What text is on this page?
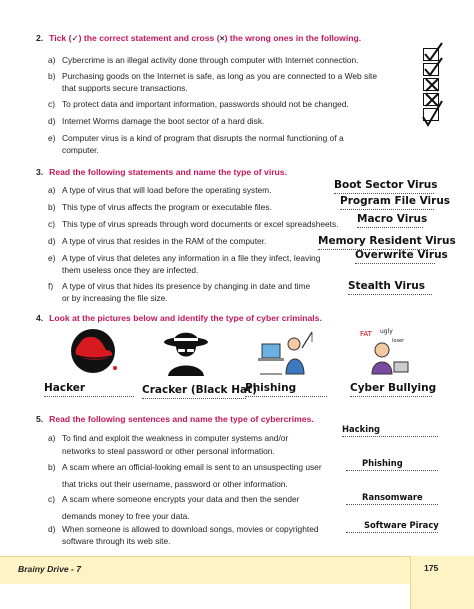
2. Tick (✓) the correct statement and cross (×) the wrong ones in the following.
a) Cybercrime is an illegal activity done through computer with Internet connection.
b) Purchasing goods on the Internet is safe, as long as you are connected to a Web site
that supports secure transactions.
c) To protect data and important information, passwords should not be changed.
d) Internet Worms damage the boot sector of a hard disk.
e) Computer virus is a kind of program that disrupts the normal functioning of a
computer.
3. Read the following statements and name the type of virus.
a) A type of virus that will load before the operating system.
b) This type of virus affects the program or executable files.
c) This type of virus spreads through word documents or excel spreadsheets.
d) A type of virus that resides in the RAM of the computer.
e) A type of virus that deletes any information in a file they infect, leaving
them useless once they are infected.
f) A type of virus that hides its presence by changing in date and time
or by increasing the file size.
Boot Sector Virus
Program File Virus
Macro Virus
Memory Resident Virus
Overwrite Virus
Stealth Virus
4. Look at the pictures below and identify the type of cyber criminals.
FAT ugly
loser
Hacker	Cracker (Black Hat)
Phishing	Cyber Bullying
5. Read the following sentences and name the type of cybercrimes.
a) To find and exploit the weakness in computer systems and/or
networks to steal password or other personal information.
b) A scam where an official-looking email is sent to an unsuspecting user
that tricks out their username, password or other information.
c) A scam where someone encrypts your data and then the sender
demands money to free your data.
d) When someone is allowed to download songs, movies or copyrighted
software through its web site.
Hacking
Phishing
Ransomware
Software Piracy
Brainy Drive - 7	175
